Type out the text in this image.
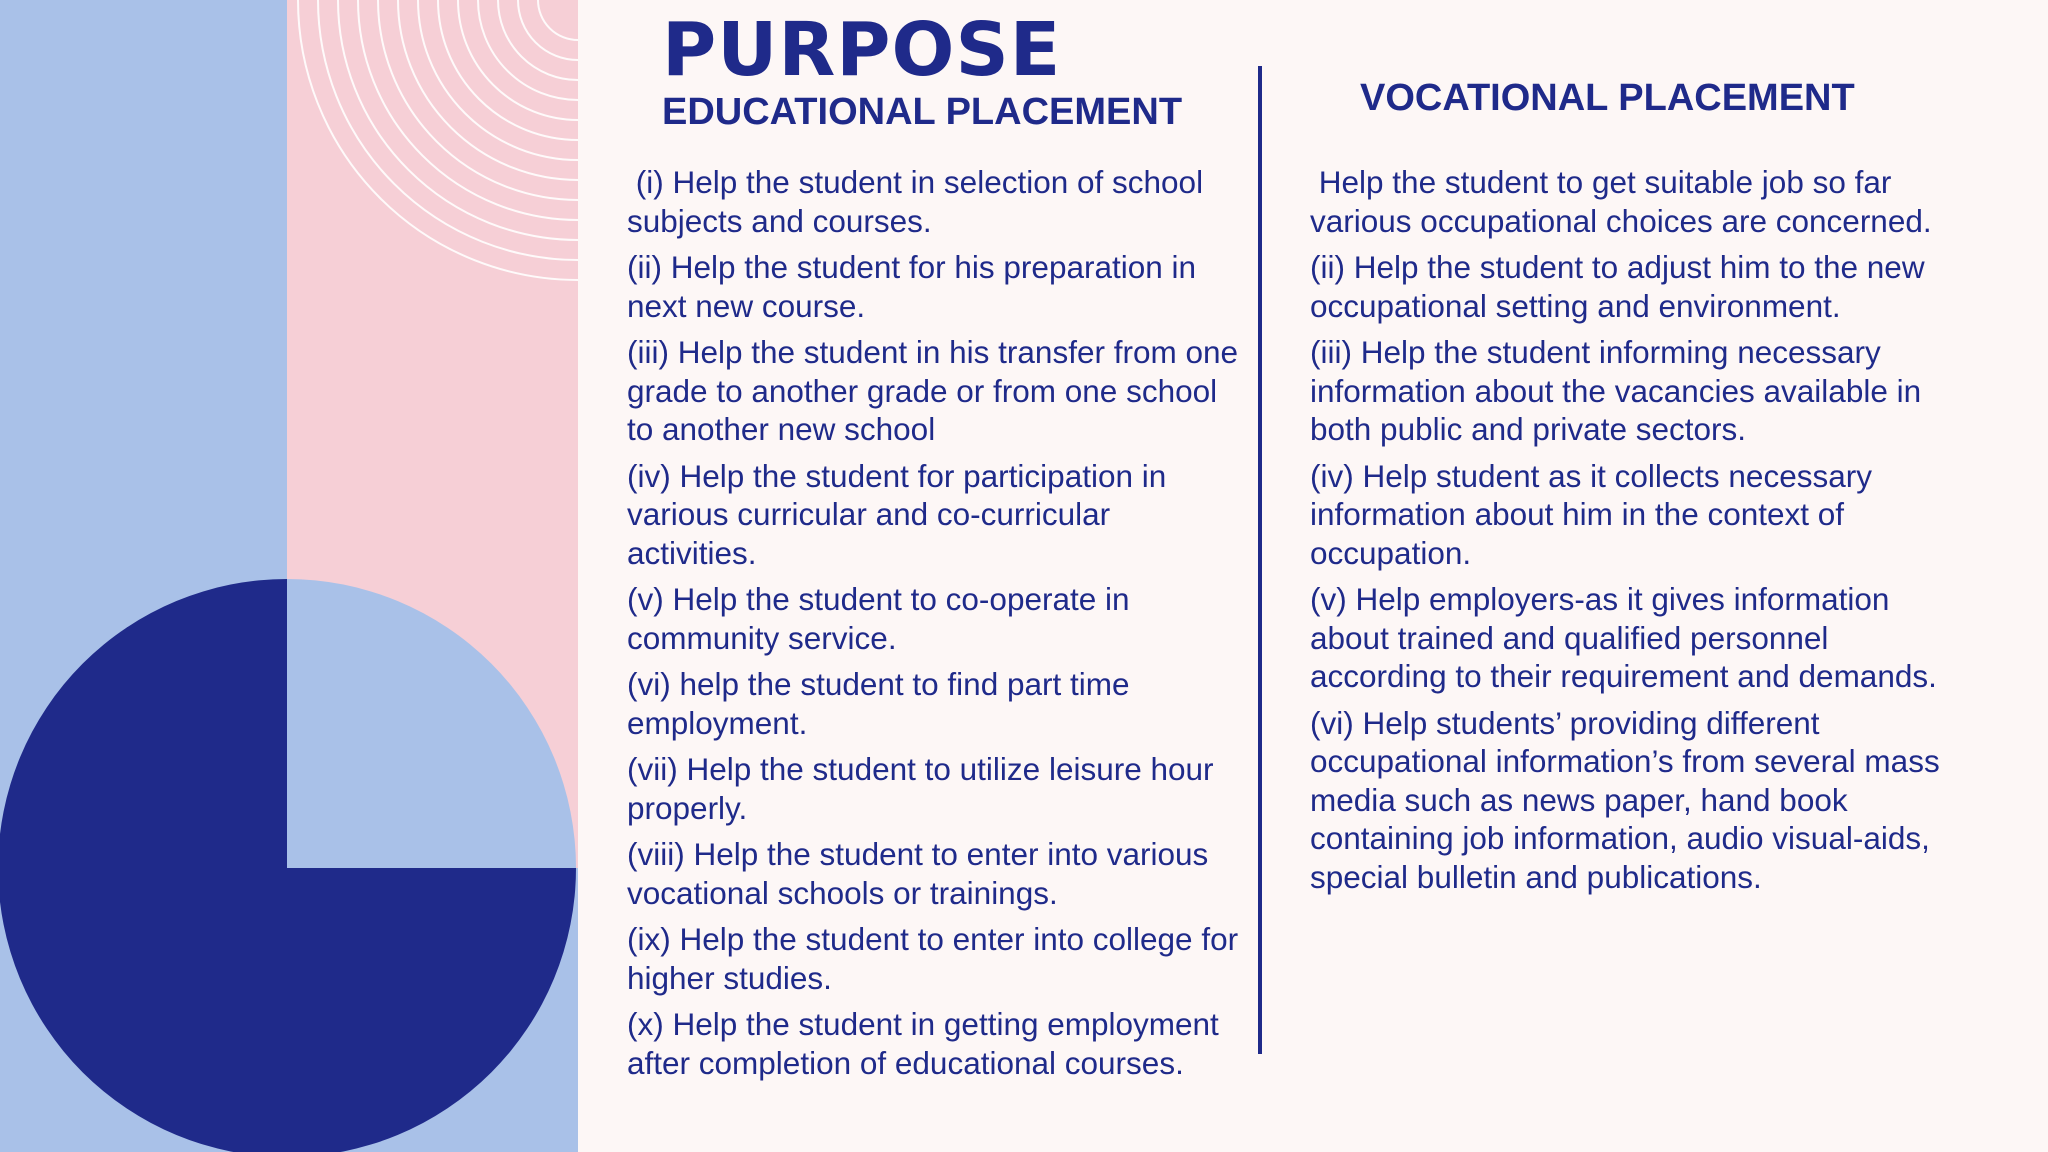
PURPOSE
EDUCATIONAL PLACEMENT	VOCATIONAL PLACEMENT
(i) Help the student in selection of school subjects and courses.
(ii) Help the student for his preparation in next new course.
(iii) Help the student in his transfer from one grade to another grade or from one school to another new school
(iv) Help the student for participation in various curricular and co-curricular activities.
(v) Help the student to co-operate in community service.
(vi) help the student to find part time employment.
(vii) Help the student to utilize leisure hour properly.
(viii) Help the student to enter into various vocational schools or trainings.
(ix) Help the student to enter into college for higher studies.
(x) Help the student in getting employment after completion of educational courses.
Help the student to get suitable job so far various occupational choices are concerned.
(ii) Help the student to adjust him to the new occupational setting and environment.
(iii) Help the student informing necessary information about the vacancies available in both public and private sectors.
(iv) Help student as it collects necessary information about him in the context of occupation.
(v) Help employers-as it gives information about trained and qualified personnel according to their requirement and demands.
(vi) Help students’ providing different occupational information’s from several mass media such as news paper, hand book containing job information, audio visual-aids, special bulletin and publications.
